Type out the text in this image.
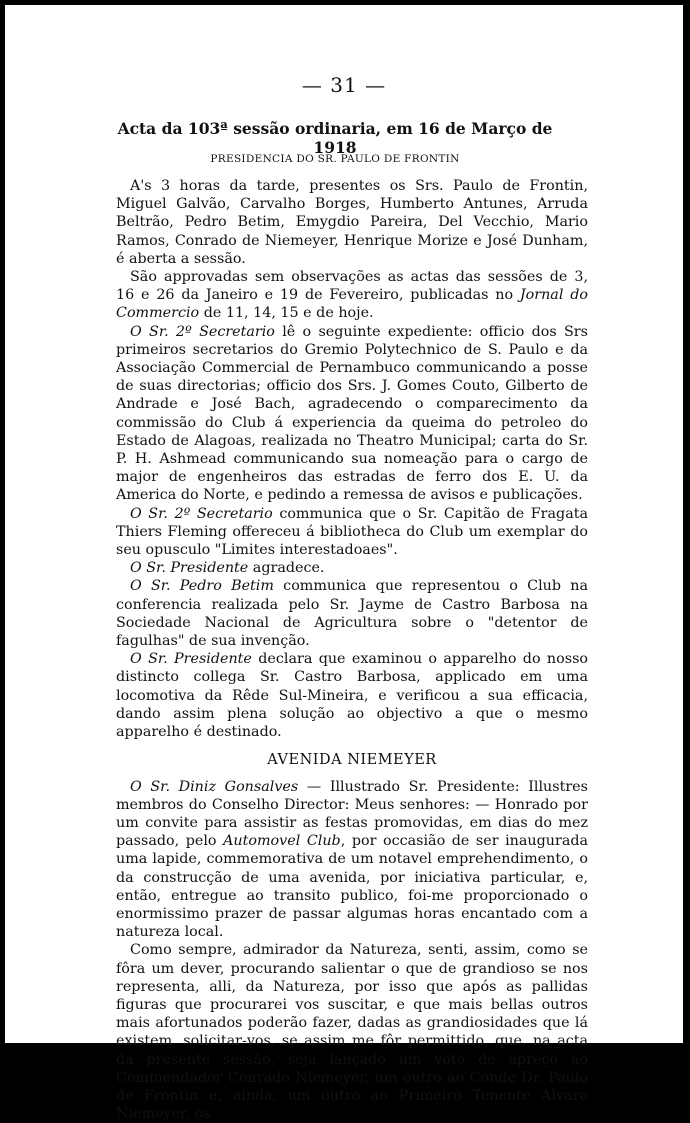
— 31 —
Acta da 103ª sessão ordinaria, em 16 de Março de 1918
PRESIDENCIA DO SR. PAULO DE FRONTIN

A's 3 horas da tarde, presentes os Srs. Paulo de Frontin, Miguel Galvão, Carvalho Borges, Humberto Antunes, Arruda Beltrão, Pedro Betim, Emygdio Pareira, Del Vecchio, Mario Ramos, Conrado de Niemeyer, Henrique Morize e José Dunham, é aberta a sessão.

São approvadas sem observações as actas das sessões de 3, 16 e 26 da Janeiro e 19 de Fevereiro, publicadas no Jornal do Commercio de 11, 14, 15 e de hoje.

O Sr. 2º Secretario lê o seguinte expediente: officio dos Srs primeiros secretarios do Gremio Polytechnico de S. Paulo e da Associação Commercial de Pernambuco communicando a posse de suas directorias; officio dos Srs. J. Gomes Couto, Gilberto de Andrade e José Bach, agradecendo o comparecimento da commissão do Club á experiencia da queima do petroleo do Estado de Alagoas, realizada no Theatro Municipal; carta do Sr. P. H. Ashmead communicando sua nomeação para o cargo de major de engenheiros das estradas de ferro dos E. U. da America do Norte, e pedindo a remessa de avisos e publicações.

O Sr. 2º Secretario communica que o Sr. Capitão de Fragata Thiers Fleming offereceu á bibliotheca do Club um exemplar do seu opusculo "Limites interestadoaes".

O Sr. Presidente agradece.

O Sr. Pedro Betim communica que representou o Club na conferencia realizada pelo Sr. Jayme de Castro Barbosa na Sociedade Nacional de Agricultura sobre o "detentor de fagulhas" de sua invenção.

O Sr. Presidente declara que examinou o apparelho do nosso distincto collega Sr. Castro Barbosa, applicado em uma locomotiva da Rêde Sul-Mineira, e verificou a sua efficacia, dando assim plena solução ao objectivo a que o mesmo apparelho é destinado.

AVENIDA NIEMEYER

O Sr. Diniz Gonsalves — Illustrado Sr. Presidente: Illustres membros do Conselho Director: Meus senhores: — Honrado por um convite para assistir as festas promovidas, em dias do mez passado, pelo Automovel Club, por occasião de ser inaugurada uma lapide, commemorativa de um notavel emprehendimento, o da construcção de uma avenida, por iniciativa particular, e, então, entregue ao transito publico, foi-me proporcionado o enormissimo prazer de passar algumas horas encantado com a natureza local.

Como sempre, admirador da Natureza, senti, assim, como se fôra um dever, procurando salientar o que de grandioso se nos representa, alli, da Natureza, por isso que após as pallidas figuras que procurarei vos suscitar, e que mais bellas outros mais afortunados poderão fazer, dadas as grandiosidades que lá existem, solicitar-vos, se assim me fôr permittido, que, na acta da presente sessão, seja lançado um voto de apreço ao Commendador Conrado Niemeyer, um outro ao Conde Dr. Paulo de Frontin e, ainda, um outro ao Primeiro Tenente Alvaro Niemeyer, os
